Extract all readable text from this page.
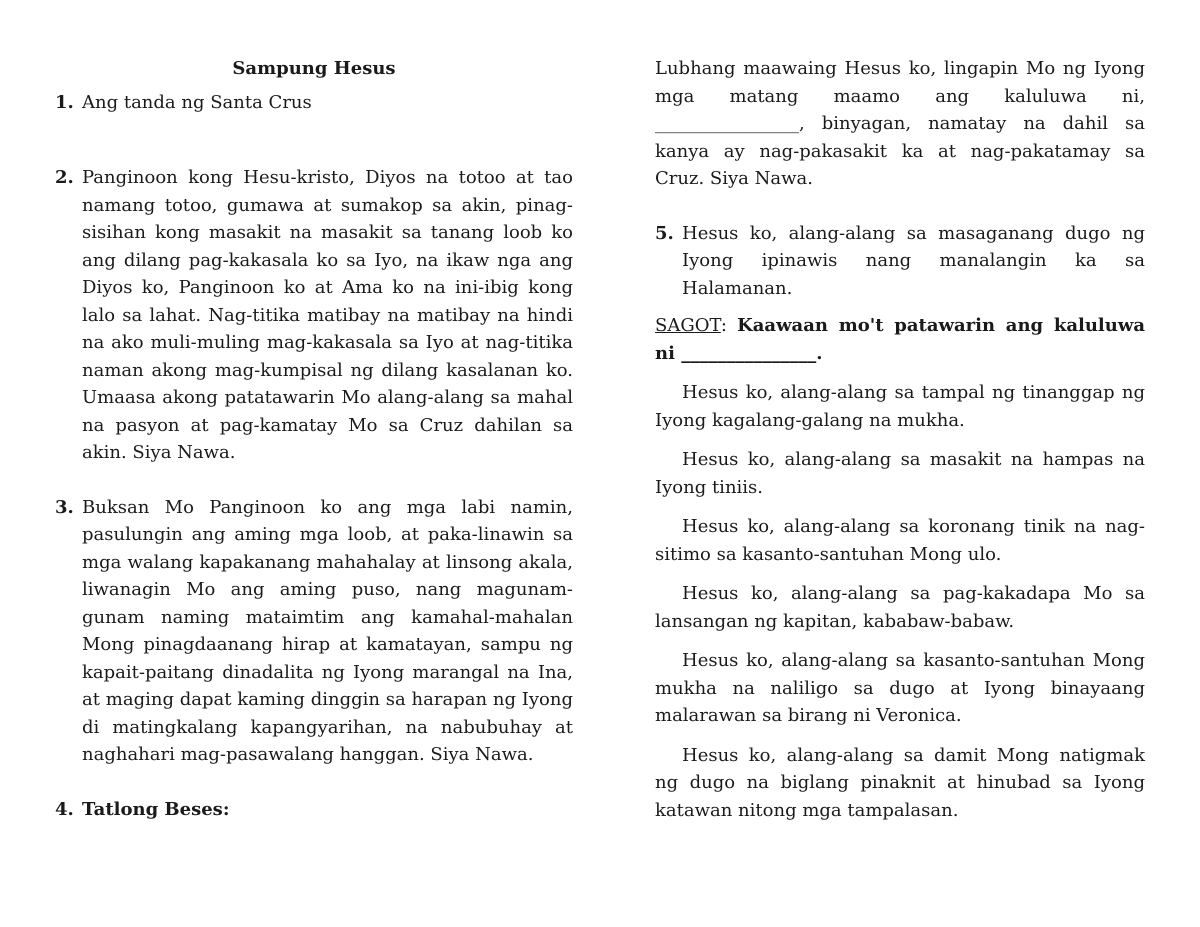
Sampung Hesus
1. Ang tanda ng Santa Crus
2. Panginoon kong Hesu-kristo, Diyos na totoo at tao namang totoo, gumawa at sumakop sa akin, pinag-sisihan kong masakit na masakit sa tanang loob ko ang dilang pag-kakasala ko sa Iyo, na ikaw nga ang Diyos ko, Panginoon ko at Ama ko na ini-ibig kong lalo sa lahat. Nag-titika matibay na matibay na hindi na ako muli-muling mag-kakasala sa Iyo at nag-titika naman akong mag-kumpisal ng dilang kasalanan ko. Umaasa akong patatawarin Mo alang-alang sa mahal na pasyon at pag-kamatay Mo sa Cruz dahilan sa akin. Siya Nawa.
3. Buksan Mo Panginoon ko ang mga labi namin, pasulungin ang aming mga loob, at paka-linawin sa mga walang kapakanang mahahalay at linsong akala, liwanagin Mo ang aming puso, nang magunam-gunam naming mataimtim ang kamahal-mahalan Mong pinagdaanang hirap at kamatayan, sampu ng kapait-paitang dinadalita ng Iyong marangal na Ina, at maging dapat kaming dinggin sa harapan ng Iyong di matingkalang kapangyarihan, na nabubuhay at naghahari mag-pasawalang hanggan. Siya Nawa.
4. Tatlong Beses:
Lubhang maawaing Hesus ko, lingapin Mo ng Iyong mga matang maamo ang kaluluwa ni, ________________, binyagan, namatay na dahil sa kanya ay nag-pakasakit ka at nag-pakatamay sa Cruz. Siya Nawa.
5. Hesus ko, alang-alang sa masaganang dugo ng Iyong ipinawis nang manalangin ka sa Halamanan.
SAGOT: Kaawaan mo't patawarin ang kaluluwa ni _______________.
Hesus ko, alang-alang sa tampal ng tinanggap ng Iyong kagalang-galang na mukha.
Hesus ko, alang-alang sa masakit na hampas na Iyong tiniis.
Hesus ko, alang-alang sa koronang tinik na nag-sitimo sa kasanto-santuhan Mong ulo.
Hesus ko, alang-alang sa pag-kakadapa Mo sa lansangan ng kapitan, kababaw-babaw.
Hesus ko, alang-alang sa kasanto-santuhan Mong mukha na naliligo sa dugo at Iyong binayaang malarawan sa birang ni Veronica.
Hesus ko, alang-alang sa damit Mong natigmak ng dugo na biglang pinaknit at hinubad sa Iyong katawan nitong mga tampalasan.
